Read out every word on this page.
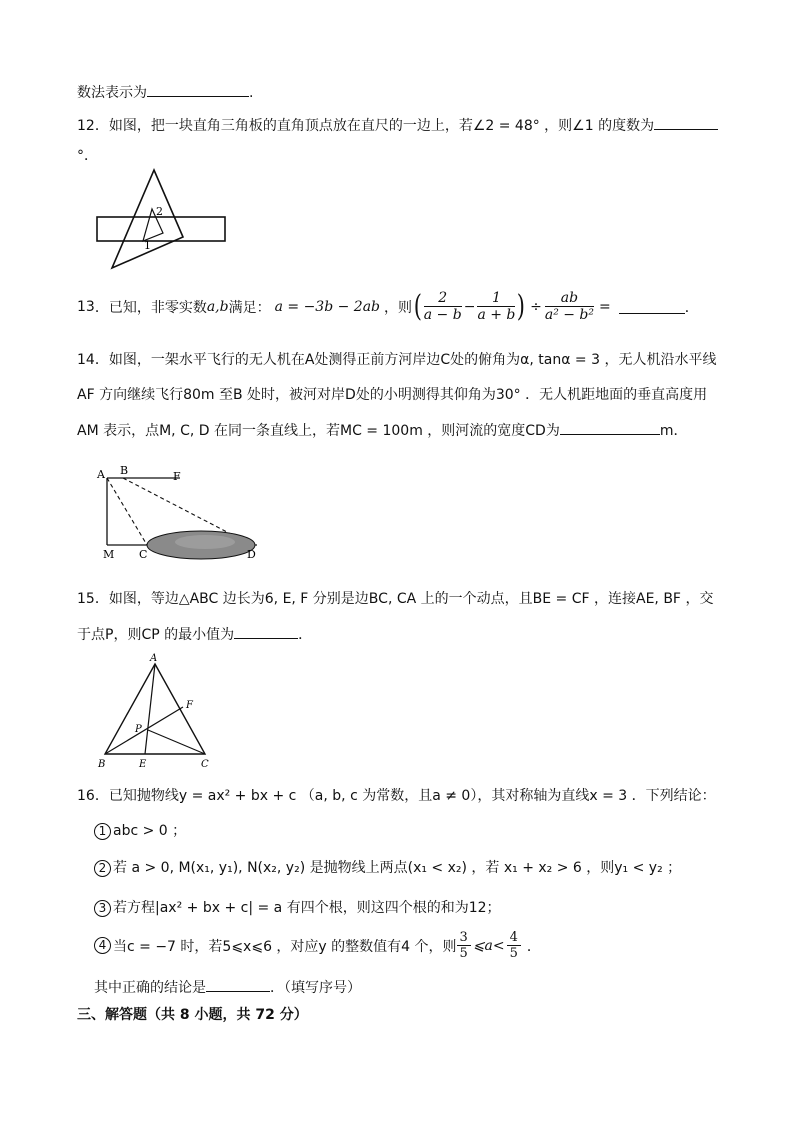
数法表示为	.
12．如图，把一块直角三角板的直角顶点放在直尺的一边上，若∠2 = 48° ，则∠1 的度数为
°．
2
1
13 ．已知，非零实数 a,b 满足： a = −3b − 2ab ，则 ( $\frac{2}{a - b} - \frac{1}{a + b}$ ) ÷ $\frac{ab}{\text{a² − b²}}$ =	．
14．如图，一架水平飞行的无人机在A处测得正前方河岸边C处的俯角为α, tanα = 3 ，无人机沿水平线
AF 方向继续飞行80m 至B 处时，被河对岸D处的小明测得其仰角为30° ．无人机距地面的垂直高度用
AM 表示，点M, C, D 在同一条直线上，若MC = 100m ，则河流的宽度CD为	m．
A B	F
M C	D
15．如图，等边△ABC 边长为6, E, F 分别是边BC, CA 上的一个动点，且BE = CF ，连接AE, BF ，交
于点P，则CP 的最小值为	．
A
B	C
E
F
P
16．已知抛物线y = ax² + bx + c （a, b, c 为常数，且a ≠ 0），其对称轴为直线x = 3 ．下列结论：
1 abc > 0 ；
2 若 a > 0, M(x₁, y₁), N(x₂, y₂) 是抛物线上两点(x₁ < x₂) ，若 x₁ + x₂ > 6 ，则y₁ < y₂ ；
3 若方程|ax² + bx + c| = a 有四个根，则这四个根的和为12；
4 当c = −7 时，若5⩽x⩽6 ，对应y 的整数值有4 个，则 $\frac{3}{5}$ ⩽a< $\frac{4}{5}$ ．
其中正确的结论是	．（填写序号）
三、解答题（共 8 小题，共 72 分）
